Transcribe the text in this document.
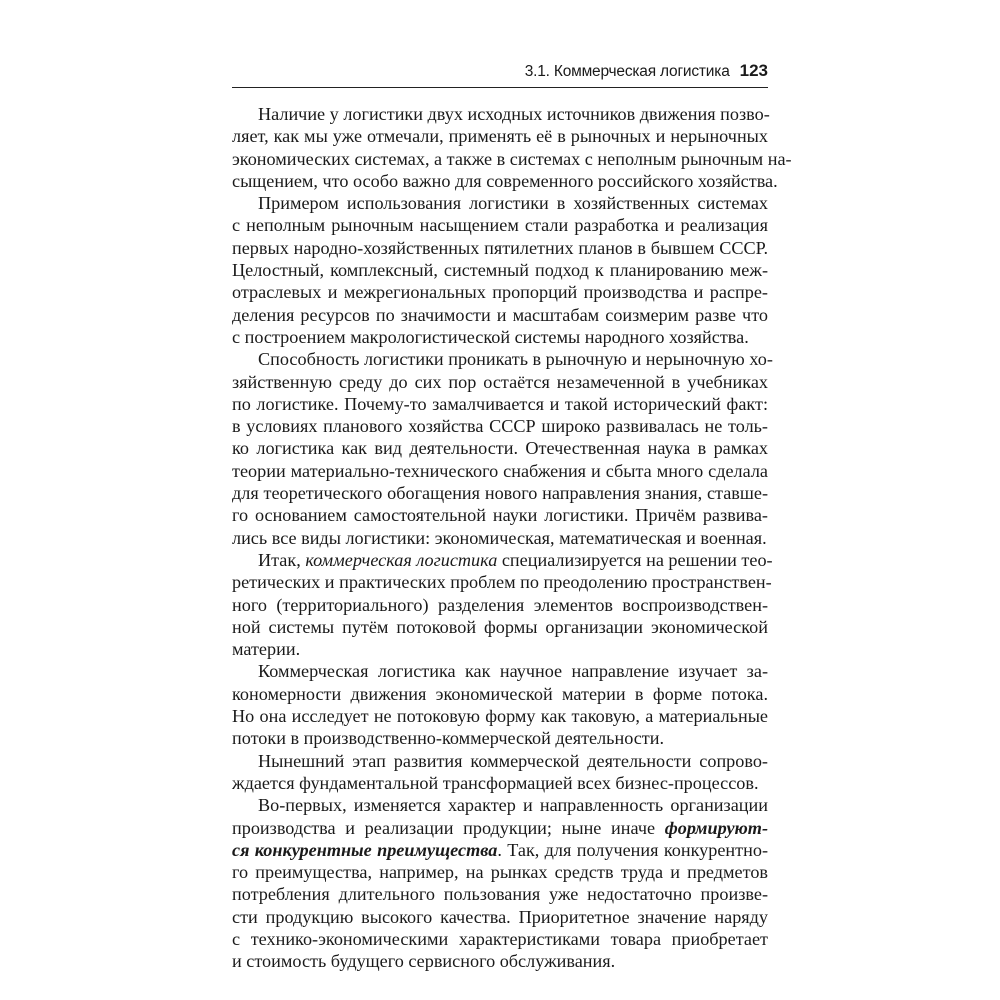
3.1. Коммерческая логистика 123
Наличие у логистики двух исходных источников движения позво-
ляет, как мы уже отмечали, применять её в рыночных и нерыночных
экономических системах, а также в системах с неполным рыночным на-
сыщением, что особо важно для современного российского хозяйства.
Примером использования логистики в хозяйственных системах
с неполным рыночным насыщением стали разработка и реализация
первых народно-хозяйственных пятилетних планов в бывшем СССР.
Целостный, комплексный, системный подход к планированию меж-
отраслевых и межрегиональных пропорций производства и распре-
деления ресурсов по значимости и масштабам соизмерим разве что
с построением макрологистической системы народного хозяйства.
Способность логистики проникать в рыночную и нерыночную хо-
зяйственную среду до сих пор остаётся незамеченной в учебниках
по логистике. Почему-то замалчивается и такой исторический факт:
в условиях планового хозяйства СССР широко развивалась не толь-
ко логистика как вид деятельности. Отечественная наука в рамках
теории материально-технического снабжения и сбыта много сделала
для теоретического обогащения нового направления знания, ставше-
го основанием самостоятельной науки логистики. Причём развива-
лись все виды логистики: экономическая, математическая и военная.
Итак, коммерческая логистика специализируется на решении тео-
ретических и практических проблем по преодолению пространствен-
ного (территориального) разделения элементов воспроизводствен-
ной системы путём потоковой формы организации экономической
материи.
Коммерческая логистика как научное направление изучает за-
кономерности движения экономической материи в форме потока.
Но она исследует не потоковую форму как таковую, а материальные
потоки в производственно-коммерческой деятельности.
Нынешний этап развития коммерческой деятельности сопрово-
ждается фундаментальной трансформацией всех бизнес-процессов.
Во-первых, изменяется характер и направленность организации
производства и реализации продукции; ныне иначе формируют-
ся конкурентные преимущества. Так, для получения конкурентно-
го преимущества, например, на рынках средств труда и предметов
потребления длительного пользования уже недостаточно произве-
сти продукцию высокого качества. Приоритетное значение наряду
с технико-экономическими характеристиками товара приобретает
и стоимость будущего сервисного обслуживания.
